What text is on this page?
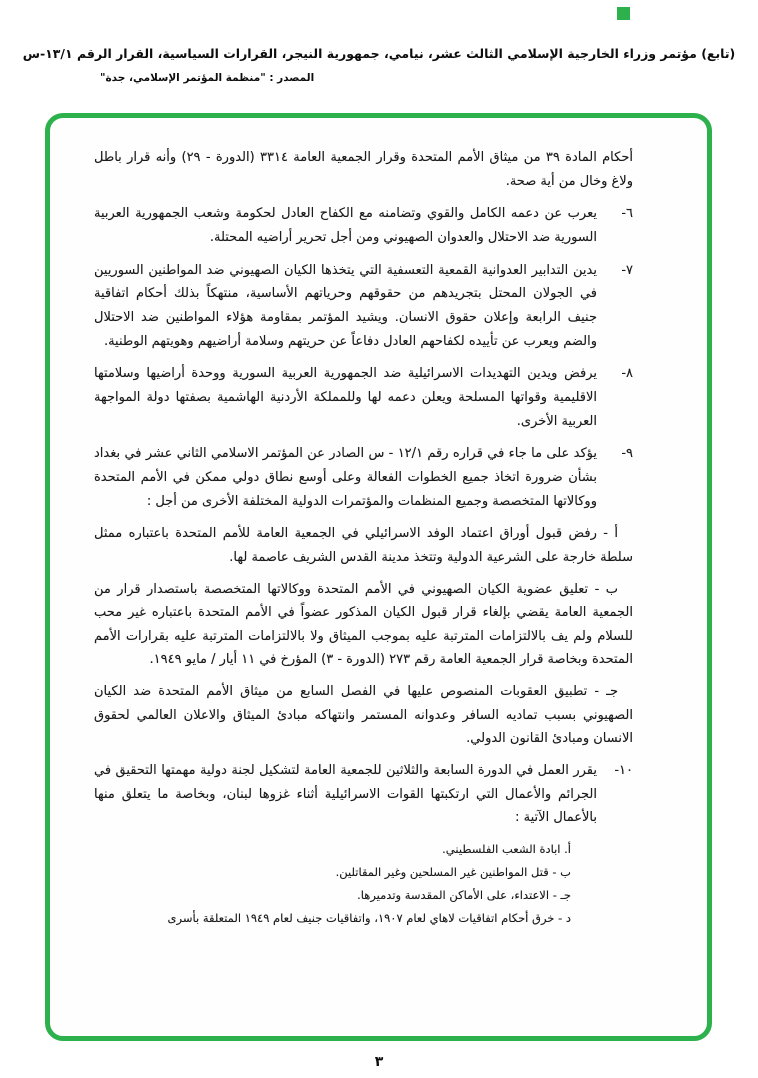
(تابع) مؤتمر وزراء الخارجية الإسلامي الثالث عشر، نيامي، جمهورية النيجر، القرارات السياسية، القرار الرقم ١٣/١-س
المصدر : "منظمة المؤتمر الإسلامي، جدة"

أحكام المادة ٣٩ من ميثاق الأمم المتحدة وقرار الجمعية العامة ٣٣١٤ (الدورة - ٢٩) وأنه قرار باطل ولاغ وخال من أية صحة.

٦-
يعرب عن دعمه الكامل والقوي وتضامنه مع الكفاح العادل لحكومة وشعب الجمهورية العربية السورية ضد الاحتلال والعدوان الصهيوني ومن أجل تحرير أراضيه المحتلة.
٧-
يدين التدابير العدوانية القمعية التعسفية التي يتخذها الكيان الصهيوني ضد المواطنين السوريين في الجولان المحتل بتجريدهم من حقوقهم وحرياتهم الأساسية، منتهكاً بذلك أحكام اتفاقية جنيف الرابعة وإعلان حقوق الانسان. ويشيد المؤتمر بمقاومة هؤلاء المواطنين ضد الاحتلال والضم ويعرب عن تأييده لكفاحهم العادل دفاعاً عن حريتهم وسلامة أراضيهم وهويتهم الوطنية.
٨-
يرفض ويدين التهديدات الاسرائيلية ضد الجمهورية العربية السورية ووحدة أراضيها وسلامتها الاقليمية وقواتها المسلحة ويعلن دعمه لها وللمملكة الأردنية الهاشمية بصفتها دولة المواجهة العربية الأخرى.
٩-
يؤكد على ما جاء في قراره رقم ١٢/١ - س الصادر عن المؤتمر الاسلامي الثاني عشر في بغداد بشأن ضرورة اتخاذ جميع الخطوات الفعالة وعلى أوسع نطاق دولي ممكن في الأمم المتحدة ووكالاتها المتخصصة وجميع المنظمات والمؤتمرات الدولية المختلفة الأخرى من أجل :
أ - رفض قبول أوراق اعتماد الوفد الاسرائيلي في الجمعية العامة للأمم المتحدة باعتباره ممثل سلطة خارجة على الشرعية الدولية وتتخذ مدينة القدس الشريف عاصمة لها.
ب - تعليق عضوية الكيان الصهيوني في الأمم المتحدة ووكالاتها المتخصصة باستصدار قرار من الجمعية العامة يقضي بإلغاء قرار قبول الكيان المذكور عضواً في الأمم المتحدة باعتباره غير محب للسلام ولم يف بالالتزامات المترتبة عليه بموجب الميثاق ولا بالالتزامات المترتبة عليه بقرارات الأمم المتحدة وبخاصة قرار الجمعية العامة رقم ٢٧٣ (الدورة - ٣) المؤرخ في ١١ أيار / مايو ١٩٤٩.
جـ - تطبيق العقوبات المنصوص عليها في الفصل السابع من ميثاق الأمم المتحدة ضد الكيان الصهيوني بسبب تماديه السافر وعدوانه المستمر وانتهاكه مبادئ الميثاق والاعلان العالمي لحقوق الانسان ومبادئ القانون الدولي.
١٠-
يقرر العمل في الدورة السابعة والثلاثين للجمعية العامة لتشكيل لجنة دولية مهمتها التحقيق في الجرائم والأعمال التي ارتكبتها القوات الاسرائيلية أثناء غزوها لبنان، وبخاصة ما يتعلق منها بالأعمال الآتية :
أ. ابادة الشعب الفلسطيني.
ب - قتل المواطنين غير المسلحين وغير المقاتلين.
جـ - الاعتداء، على الأماكن المقدسة وتدميرها.
د - خرق أحكام اتفاقيات لاهاي لعام ١٩٠٧، واتفاقيات جنيف لعام ١٩٤٩ المتعلقة بأسرى
٣
